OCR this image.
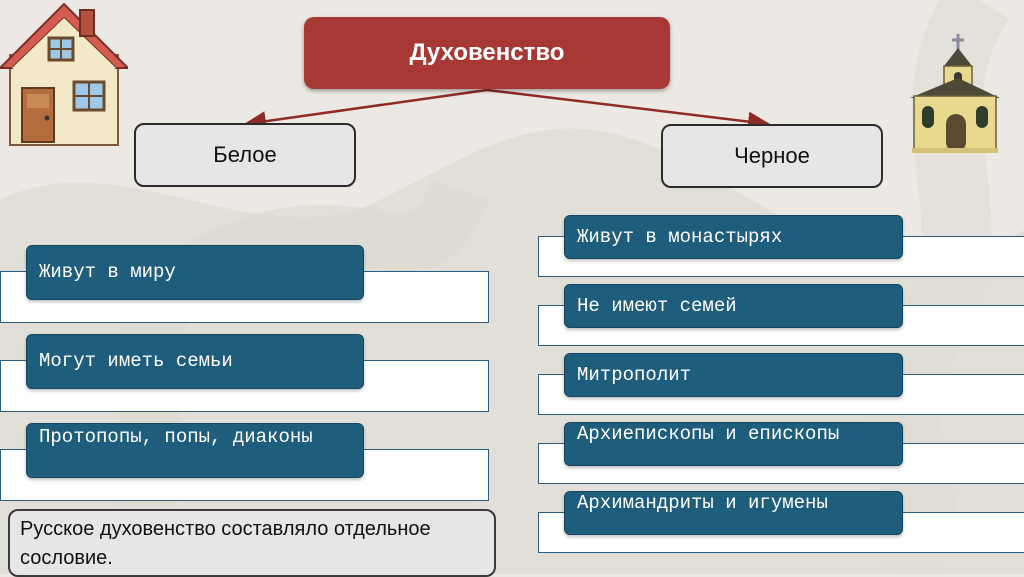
Духовенство
Белое	Черное
Живут в миру
Могут иметь семьи
Протопопы, попы, диаконы
Живут в монастырях
Не имеют семей
Митрополит
Архиепископы и епископы
Архимандриты и игумены
Русское духовенство составляло отдельное сословие.
